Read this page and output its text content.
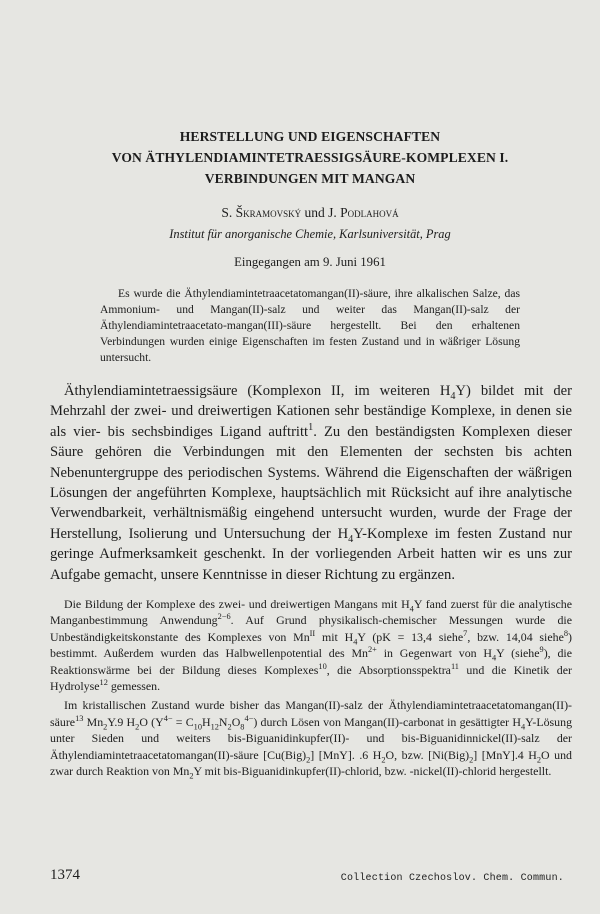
HERSTELLUNG UND EIGENSCHAFTEN
VON ÄTHYLENDIAMINTETRAESSIGSÄURE-KOMPLEXEN I.
VERBINDUNGEN MIT MANGAN
S. Škramovský und J. Podlahová
Institut für anorganische Chemie, Karlsuniversität, Prag
Eingegangen am 9. Juni 1961

Es wurde die Äthylendiamintetraacetatomangan(II)-säure, ihre alkalischen Salze, das Ammonium- und Mangan(II)-salz und weiter das Mangan(II)-salz der Äthylendiamintetraacetato-mangan(III)-säure hergestellt. Bei den erhaltenen Verbindungen wurden einige Eigenschaften im festen Zustand und in wäßriger Lösung untersucht.

Äthylendiamintetraessigsäure (Komplexon II, im weiteren $H_4Y$) bildet mit der Mehrzahl der zwei- und dreiwertigen Kationen sehr beständige Komplexe, in denen sie als vier- bis sechsbindiges Ligand auftritt$^1$. Zu den beständigsten Komplexen dieser Säure gehören die Verbindungen mit den Elementen der sechsten bis achten Nebenuntergruppe des periodischen Systems. Während die Eigenschaften der wäßrigen Lösungen der angeführten Komplexe, hauptsächlich mit Rücksicht auf ihre analytische Verwendbarkeit, verhältnismäßig eingehend untersucht wurden, wurde der Frage der Herstellung, Isolierung und Untersuchung der $H_4Y$-Komplexe im festen Zustand nur geringe Aufmerksamkeit geschenkt. In der vorliegenden Arbeit hatten wir es uns zur Aufgabe gemacht, unsere Kenntnisse in dieser Richtung zu ergänzen.

Die Bildung der Komplexe des zwei- und dreiwertigen Mangans mit $H_4Y$ fand zuerst für die analytische Manganbestimmung Anwendung$^{2-6}$. Auf Grund physikalisch-chemischer Messungen wurde die Unbeständigkeitskonstante des Komplexes von $Mn^{II}$ mit $H_4Y$ (pK = 13,4 siehe$^7$, bzw. 14,04 siehe$^8$) bestimmt. Außerdem wurden das Halbwellenpotential des $Mn^{2+}$ in Gegenwart von $H_4Y$ (siehe$^9$), die Reaktionswärme bei der Bildung dieses Komplexes$^{10}$, die Absorptionsspektra$^{11}$ und die Kinetik der Hydrolyse$^{12}$ gemessen.

Im kristallischen Zustand wurde bisher das Mangan(II)-salz der Äthylendiamintetraacetatomangan(II)-säure$^{13}$ $Mn_2Y.9$ $H_2O$ $(Y^{4-} = C_{10}H_{12}N_2O_8^{4-})$ durch Lösen von Mangan(II)-carbonat in gesättigter $H_4Y$-Lösung unter Sieden und weiters bis-Biguanidinkupfer(II)- und bis-Biguanidinnickel(II)-salz der Äthylendiamintetraacetatomangan(II)-säure $[Cu(Big)_2]$ [MnY]. .6 $H_2O$, bzw. $[Ni(Big)_2]$ [MnY].4 $H_2O$ und zwar durch Reaktion von $Mn_2Y$ mit bis-Biguanidinkupfer(II)-chlorid, bzw. -nickel(II)-chlorid hergestellt.

1374	Collection Czechoslov. Chem. Commun.
